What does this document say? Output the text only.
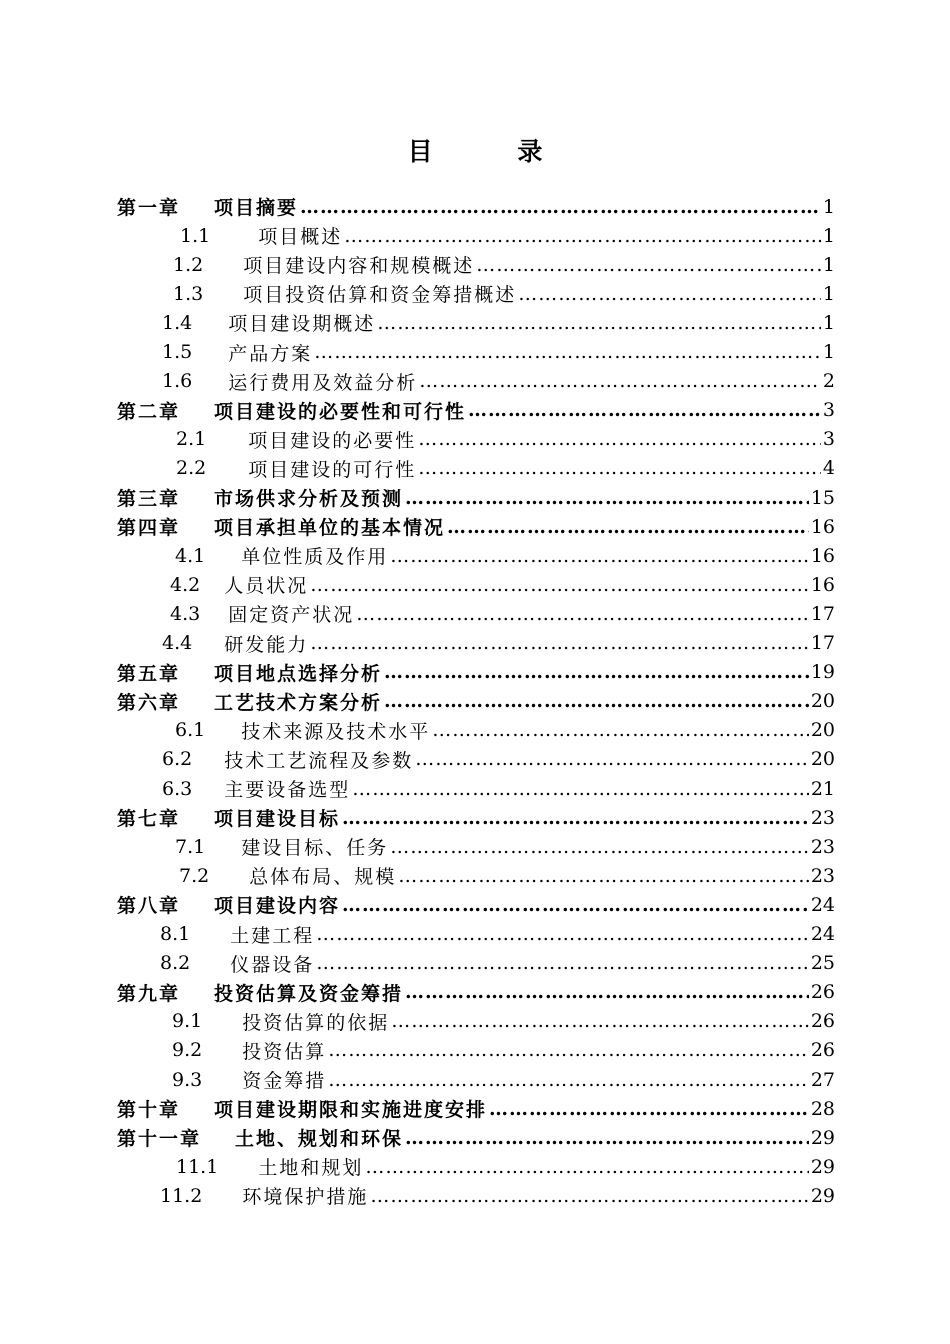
目 录
第一章 项目摘要 …………………………………………………………………………………………………………………………………………	1
1.1	项目概述 …………………………………………………………………………………………………………………………………………	1
1.2 项目建设内容和规模概述 …………………………………………………………………………………………………………………………………………	1
1.3 项目投资估算和资金筹措概述 …………………………………………………………………………………………………………………………………………	1
1.4 项目建设期概述 …………………………………………………………………………………………………………………………………………	1
1.5 产品方案 …………………………………………………………………………………………………………………………………………	1
1.6 运行费用及效益分析 …………………………………………………………………………………………………………………………………………	2
第二章 项目建设的必要性和可行性 …………………………………………………………………………………………………………………………………………	3
2.1 项目建设的必要性 …………………………………………………………………………………………………………………………………………	3
2.2 项目建设的可行性 …………………………………………………………………………………………………………………………………………	4
第三章 市场供求分析及预测 …………………………………………………………………………………………………………………………………………	15
第四章 项目承担单位的基本情况 …………………………………………………………………………………………………………………………………………	16
4.1 单位性质及作用 …………………………………………………………………………………………………………………………………………	16
4.2 人员状况 …………………………………………………………………………………………………………………………………………	16
4.3 固定资产状况 …………………………………………………………………………………………………………………………………………	17
4.4 研发能力 …………………………………………………………………………………………………………………………………………	17
第五章 项目地点选择分析 …………………………………………………………………………………………………………………………………………	19
第六章 工艺技术方案分析 …………………………………………………………………………………………………………………………………………	20
6.1 技术来源及技术水平 …………………………………………………………………………………………………………………………………………	20
6.2 技术工艺流程及参数 …………………………………………………………………………………………………………………………………………	20
6.3 主要设备选型 …………………………………………………………………………………………………………………………………………	21
第七章 项目建设目标 …………………………………………………………………………………………………………………………………………	23
7.1 建设目标、任务 …………………………………………………………………………………………………………………………………………	23
7.2 总体布局、规模 …………………………………………………………………………………………………………………………………………	23
第八章 项目建设内容 …………………………………………………………………………………………………………………………………………	24
8.1 土建工程 …………………………………………………………………………………………………………………………………………	24
8.2 仪器设备 …………………………………………………………………………………………………………………………………………	25
第九章 投资估算及资金筹措 …………………………………………………………………………………………………………………………………………	26
9.1 投资估算的依据 …………………………………………………………………………………………………………………………………………	26
9.2 投资估算 …………………………………………………………………………………………………………………………………………	26
9.3 资金筹措 …………………………………………………………………………………………………………………………………………	27
第十章 项目建设期限和实施进度安排 …………………………………………………………………………………………………………………………………………	28
第十一章 土地、规划和环保 …………………………………………………………………………………………………………………………………………	29
11.1 土地和规划 …………………………………………………………………………………………………………………………………………	29
11.2 环境保护措施 …………………………………………………………………………………………………………………………………………	29
